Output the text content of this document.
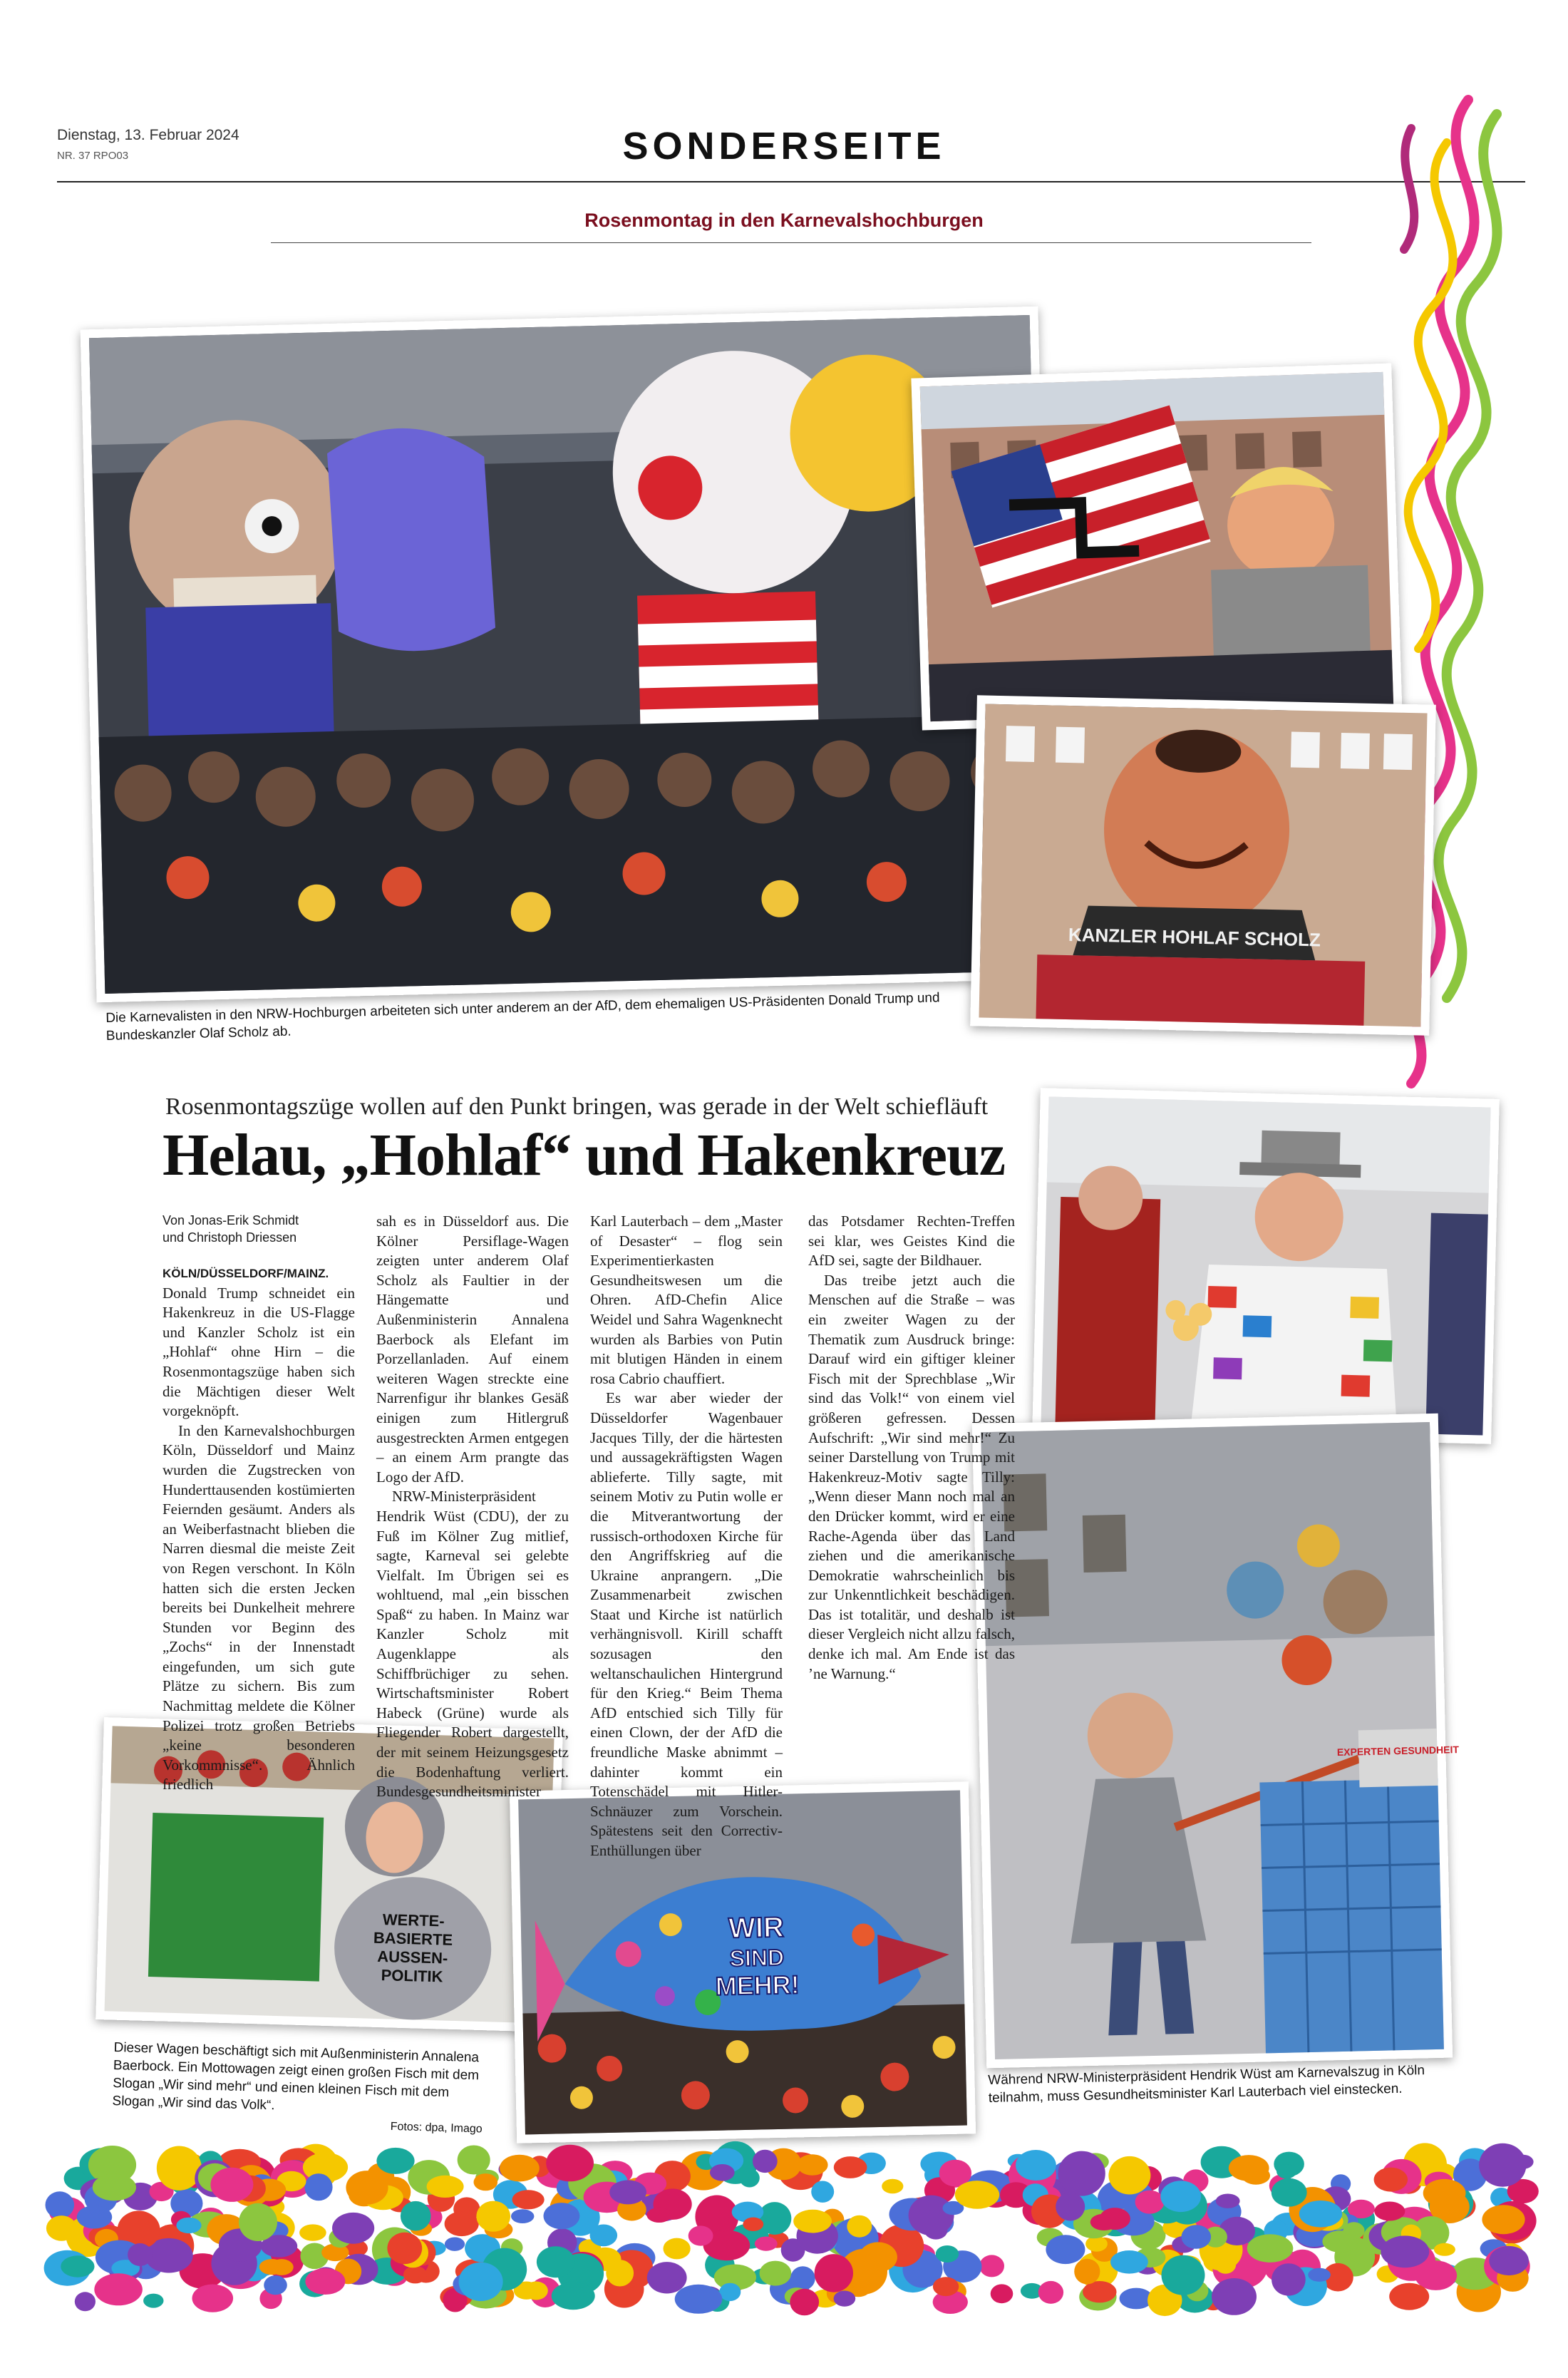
Dienstag, 13. Februar 2024
NR. 37 RPO03	SONDERSEITE
Rosenmontag in den Karnevalshochburgen
KANZLER HOHLAF SCHOLZ
Die Karnevalisten in den NRW-Hochburgen arbeiteten sich unter anderem an der AfD, dem ehemaligen US-Präsidenten Donald Trump und Bundeskanzler Olaf Scholz ab.
EXPERTEN GESUNDHEIT
Während NRW-Ministerpräsident Hendrik Wüst am Karnevalszug in Köln teilnahm, muss Gesundheitsminister Karl Lauterbach viel einstecken.
WERTE-
BASIERTE
AUSSEN-
POLITIK
Dieser Wagen beschäftigt sich mit Außenministerin Annalena Baerbock. Ein Mottowagen zeigt einen großen Fisch mit dem Slogan „Wir sind mehr“ und einen kleinen Fisch mit dem Slogan „Wir sind das Volk“.
Fotos: dpa, Imago
WIR
SIND
MEHR!
Rosenmontagszüge wollen auf den Punkt bringen, was gerade in der Welt schiefläuft
Helau, „Hohlaf“ und Hakenkreuz
Von Jonas-Erik Schmidt
und Christoph Driessen

KÖLN/DÜSSELDORF/MAINZ. Donald Trump schneidet ein Hakenkreuz in die US-Flagge und Kanzler Scholz ist ein „Hohlaf“ ohne Hirn – die Rosenmontagszüge haben sich die Mächtigen dieser Welt vorgeknöpft.

In den Karnevalshochburgen Köln, Düsseldorf und Mainz wurden die Zugstrecken von Hunderttausenden kostümierten Feiernden gesäumt. Anders als an Weiberfastnacht blieben die Narren diesmal die meiste Zeit von Regen verschont. In Köln hatten sich die ersten Jecken bereits bei Dunkelheit mehrere Stunden vor Beginn des „Zochs“ in der Innenstadt eingefunden, um sich gute Plätze zu sichern. Bis zum Nachmittag meldete die Kölner Polizei trotz großen Betriebs „keine besonderen Vorkommnisse“. Ähnlich friedlich

sah es in Düsseldorf aus. Die Kölner Persiflage-Wagen zeigten unter anderem Olaf Scholz als Faultier in der Hängematte und Außenministerin Annalena Baerbock als Elefant im Porzellanladen. Auf einem weiteren Wagen streckte eine Narrenfigur ihr blankes Gesäß einigen zum Hitlergruß ausgestreckten Armen entgegen – an einem Arm prangte das Logo der AfD.

NRW-Ministerpräsident Hendrik Wüst (CDU), der zu Fuß im Kölner Zug mitlief, sagte, Karneval sei gelebte Vielfalt. Im Übrigen sei es wohltuend, mal „ein bisschen Spaß“ zu haben. In Mainz war Kanzler Scholz mit Augenklappe als Schiffbrüchiger zu sehen. Wirtschaftsminister Robert Habeck (Grüne) wurde als Fliegender Robert dargestellt, der mit seinem Heizungsgesetz die Bodenhaftung verliert. Bundesgesundheitsminister

Karl Lauterbach – dem „Master of Desaster“ – flog sein Experimentierkasten Gesundheitswesen um die Ohren. AfD-Chefin Alice Weidel und Sahra Wagenknecht wurden als Barbies von Putin mit blutigen Händen in einem rosa Cabrio chauffiert.

Es war aber wieder der Düsseldorfer Wagenbauer Jacques Tilly, der die härtesten und aussagekräftigsten Wagen ablieferte. Tilly sagte, mit seinem Motiv zu Putin wolle er die Mitverantwortung der russisch-orthodoxen Kirche für den Angriffskrieg auf die Ukraine anprangern. „Die Zusammenarbeit zwischen Staat und Kirche ist natürlich verhängnisvoll. Kirill schafft sozusagen den weltanschaulichen Hintergrund für den Krieg.“ Beim Thema AfD entschied sich Tilly für einen Clown, der der AfD die freundliche Maske abnimmt – dahinter kommt ein Totenschädel mit Hitler-Schnäuzer zum Vorschein. Spätestens seit den Correctiv-Enthüllungen über

das Potsdamer Rechten-Treffen sei klar, wes Geistes Kind die AfD sei, sagte der Bildhauer.

Das treibe jetzt auch die Menschen auf die Straße – was ein zweiter Wagen zu der Thematik zum Ausdruck bringe: Darauf wird ein giftiger kleiner Fisch mit der Sprechblase „Wir sind das Volk!“ von einem viel größeren gefressen. Dessen Aufschrift: „Wir sind mehr!“ Zu seiner Darstellung von Trump mit Hakenkreuz-Motiv sagte Tilly: „Wenn dieser Mann noch mal an den Drücker kommt, wird er eine Rache-Agenda über das Land ziehen und die amerikanische Demokratie wahrscheinlich bis zur Unkenntlichkeit beschädigen. Das ist totalitär, und deshalb ist dieser Vergleich nicht allzu falsch, denke ich mal. Am Ende ist das ’ne Warnung.“
